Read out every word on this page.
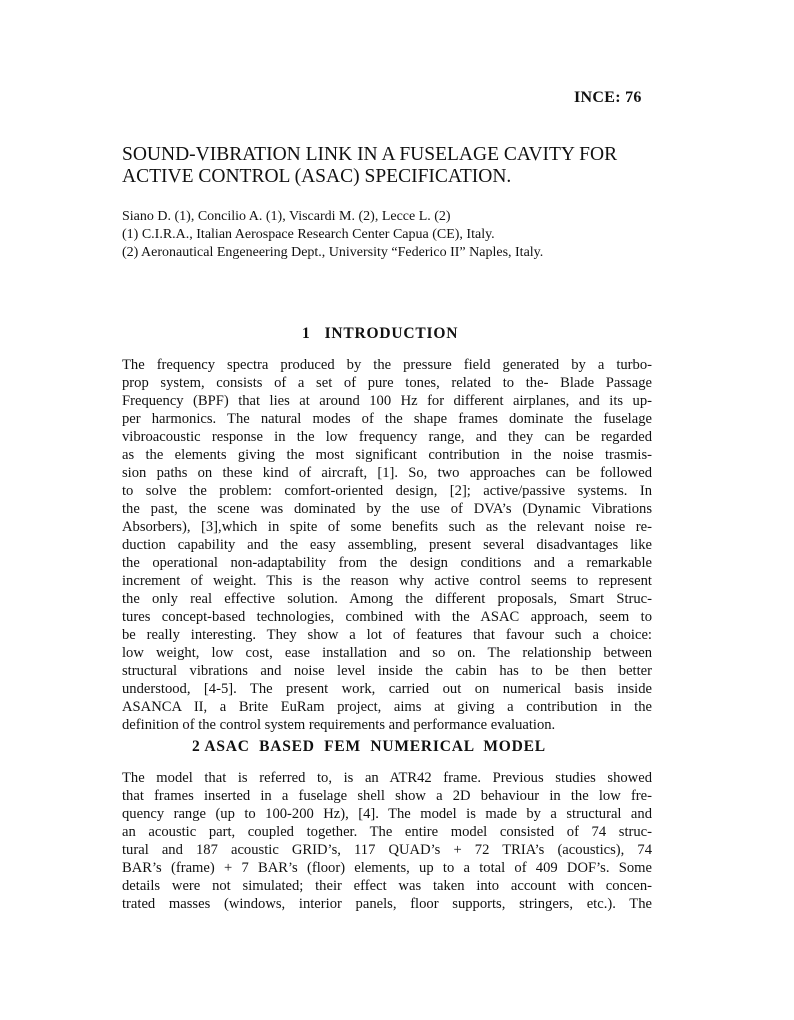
INCE: 76
SOUND-VIBRATION LINK IN A FUSELAGE CAVITY FOR
ACTIVE CONTROL (ASAC) SPECIFICATION.
Siano D. (1), Concilio A. (1), Viscardi M. (2), Lecce L. (2)
(1) C.I.R.A., Italian Aerospace Research Center Capua (CE), Italy.
(2) Aeronautical Engeneering Dept., University “Federico II” Naples, Italy.
1   INTRODUCTION
The frequency spectra produced by the pressure field generated by a turbo-
prop system, consists of a set of pure tones, related to the- Blade Passage
Frequency (BPF) that lies at around 100 Hz for different airplanes, and its up-
per harmonics. The natural modes of the shape frames dominate the fuselage
vibroacoustic response in the low frequency range, and they can be regarded
as the elements giving the most significant contribution in the noise trasmis-
sion paths on these kind of aircraft, [1]. So, two approaches can be followed
to solve the problem: comfort-oriented design, [2]; active/passive systems. In
the past, the scene was dominated by the use of DVA’s (Dynamic Vibrations
Absorbers), [3],which in spite of some benefits such as the relevant noise re-
duction capability and the easy assembling, present several disadvantages like
the operational non-adaptability from the design conditions and a remarkable
increment of weight. This is the reason why active control seems to represent
the only real effective solution. Among the different proposals, Smart Struc-
tures concept-based technologies, combined with the ASAC approach, seem to
be really interesting. They show a lot of features that favour such a choice:
low weight, low cost, ease installation and so on. The relationship between
structural vibrations and noise level inside the cabin has to be then better
understood, [4-5]. The present work, carried out on numerical basis inside
ASANCA II, a Brite EuRam project, aims at giving a contribution in the
definition of the control system requirements and performance evaluation.
2 ASAC  BASED  FEM  NUMERICAL  MODEL
The model that is referred to, is an ATR42 frame. Previous studies showed
that frames inserted in a fuselage shell show a 2D behaviour in the low fre-
quency range (up to 100-200 Hz), [4]. The model is made by a structural and
an acoustic part, coupled together. The entire model consisted of 74 struc-
tural and 187 acoustic GRID’s, 117 QUAD’s + 72 TRIA’s (acoustics), 74
BAR’s (frame) + 7 BAR’s (floor) elements, up to a total of 409 DOF’s. Some
details were not simulated; their effect was taken into account with concen-
trated masses (windows, interior panels, floor supports, stringers, etc.). The
